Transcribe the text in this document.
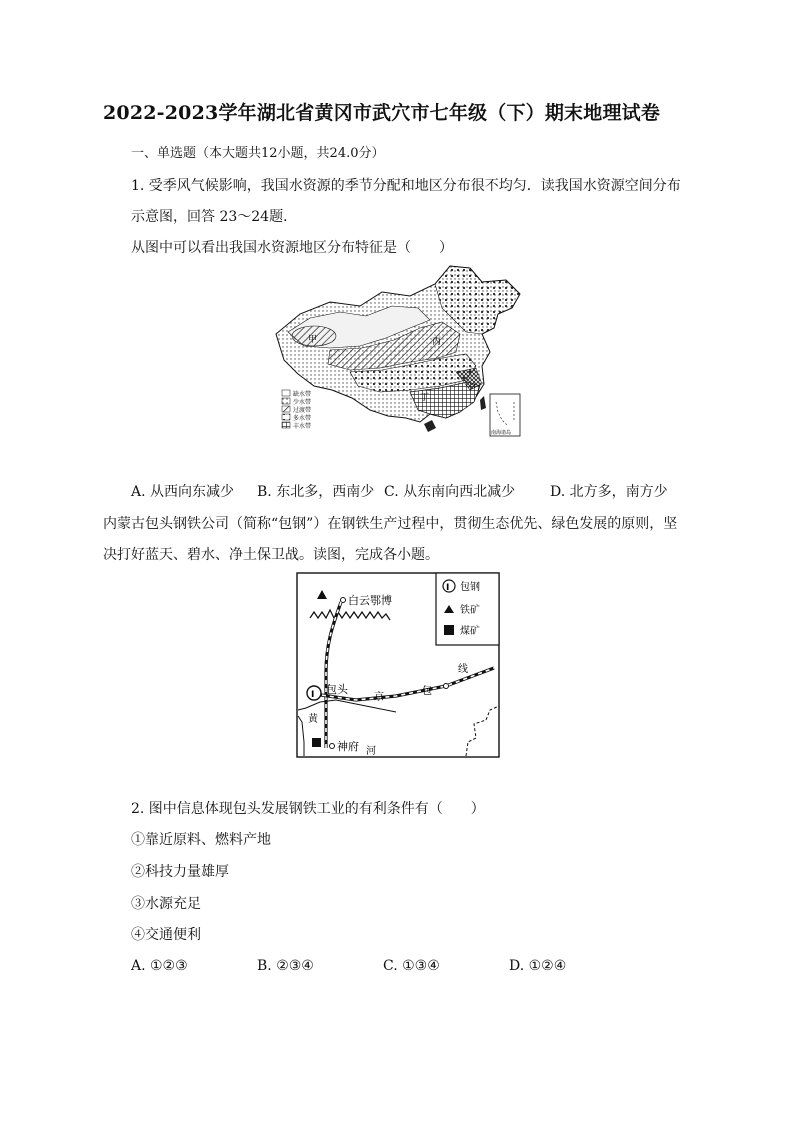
2022-2023学年湖北省黄冈市武穴市七年级（下）期末地理试卷
一、单选题（本大题共12小题，共24.0分）
1. 受季风气候影响，我国水资源的季节分配和地区分布很不均匀．读我国水资源空间分布
示意图，回答 23～24题．
从图中可以看出我国水资源地区分布特征是（　　）
甲	丙
丁
缺水带
少水带
过渡带
多水带
丰水带
南海诸岛
A. 从西向东减少 B. 东北多，西南少 C. 从东南向西北减少 D. 北方多，南方少
内蒙古包头钢铁公司（简称“包钢”）在钢铁生产过程中，贯彻生态优先、绿色发展的原则，坚
决打好蓝天、碧水、净土保卫战。读图，完成各小题。
I 包钢
铁矿
煤矿
白云鄂博
I 包头
京
包
线
黄
河
神府
2. 图中信息体现包头发展钢铁工业的有利条件有（　　）
①靠近原料、燃料产地
②科技力量雄厚
③水源充足
④交通便利
A. ①②③	B. ②③④	C. ①③④	D. ①②④
